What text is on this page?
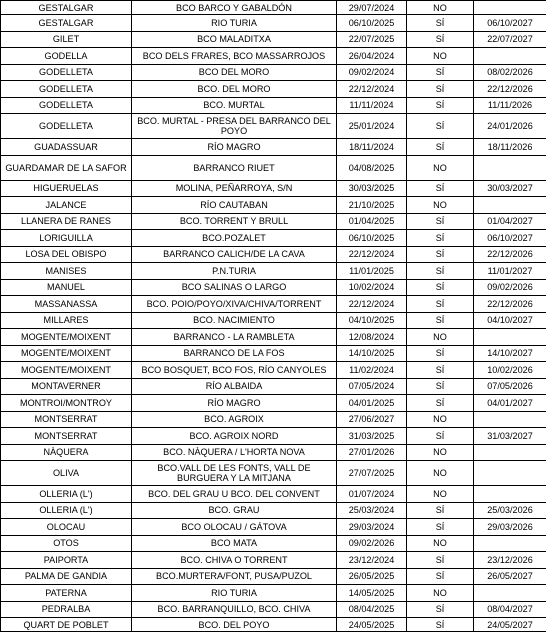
GESTALGAR	BCO BARCO Y GABALDÓN	29/07/2024	NO	
GESTALGAR	RIO TURIA	06/10/2025	SÍ	06/10/2027
GILET	BCO MALADITXA	22/07/2025	SÍ	22/07/2027
GODELLA	BCO DELS FRARES, BCO MASSARROJOS	26/04/2024	NO	
GODELLETA	BCO DEL MORO	09/02/2024	SÍ	08/02/2026
GODELLETA	BCO. DEL MORO	22/12/2024	SÍ	22/12/2026
GODELLETA	BCO. MURTAL	11/11/2024	SÍ	11/11/2026
GODELLETA	BCO. MURTAL - PRESA DEL BARRANCO DEL POYO	25/01/2024	SÍ	24/01/2026
GUADASSUAR	RÍO MAGRO	18/11/2024	SÍ	18/11/2026
GUARDAMAR DE LA SAFOR	BARRANCO RIUET	04/08/2025	NO	
HIGUERUELAS	MOLINA, PEÑARROYA, S/N	30/03/2025	SÍ	30/03/2027
JALANCE	RÍO CAUTABAN	21/10/2025	NO	
LLANERA DE RANES	BCO. TORRENT Y BRULL	01/04/2025	SÍ	01/04/2027
LORIGUILLA	BCO.POZALET	06/10/2025	SÍ	06/10/2027
LOSA DEL OBISPO	BARRANCO CALICH/DE LA CAVA	22/12/2024	SÍ	22/12/2026
MANISES	P.N.TURIA	11/01/2025	SÍ	11/01/2027
MANUEL	BCO SALINAS O LARGO	10/02/2024	SÍ	09/02/2026
MASSANASSA	BCO. POIO/POYO/XIVA/CHIVA/TORRENT	22/12/2024	SÍ	22/12/2026
MILLARES	BCO. NACIMIENTO	04/10/2025	SÍ	04/10/2027
MOGENTE/MOIXENT	BARRANCO - LA RAMBLETA	12/08/2024	NO	
MOGENTE/MOIXENT	BARRANCO DE LA FOS	14/10/2025	SÍ	14/10/2027
MOGENTE/MOIXENT	BCO BOSQUET, BCO FOS, RÍO CANYOLES	11/02/2024	SÍ	10/02/2026
MONTAVERNER	RÍO ALBAIDA	07/05/2024	SÍ	07/05/2026
MONTROI/MONTROY	RÍO MAGRO	04/01/2025	SÍ	04/01/2027
MONTSERRAT	BCO. AGROIX	27/06/2027	NO	
MONTSERRAT	BCO. AGROIX NORD	31/03/2025	SÍ	31/03/2027
NÀQUERA	BCO. NÀQUERA / L'HORTA NOVA	27/01/2026	NO	
OLIVA	BCO.VALL DE LES FONTS, VALL DE BURGUERA Y LA MITJANA	27/07/2025	NO	
OLLERIA (L')	BCO. DEL GRAU U BCO. DEL CONVENT	01/07/2024	NO	
OLLERIA (L')	BCO. GRAU	25/03/2024	SÍ	25/03/2026
OLOCAU	BCO OLOCAU / GÁTOVA	29/03/2024	SÍ	29/03/2026
OTOS	BCO MATA	09/02/2026	NO	
PAIPORTA	BCO. CHIVA O TORRENT	23/12/2024	SÍ	23/12/2026
PALMA DE GANDIA	BCO.MURTERA/FONT, PUSA/PUZOL	26/05/2025	SÍ	26/05/2027
PATERNA	RIO TURIA	14/05/2025	NO	
PEDRALBA	BCO. BARRANQUILLO, BCO. CHIVA	08/04/2025	SÍ	08/04/2027
QUART DE POBLET	BCO. DEL POYO	24/05/2025	SÍ	24/05/2027
